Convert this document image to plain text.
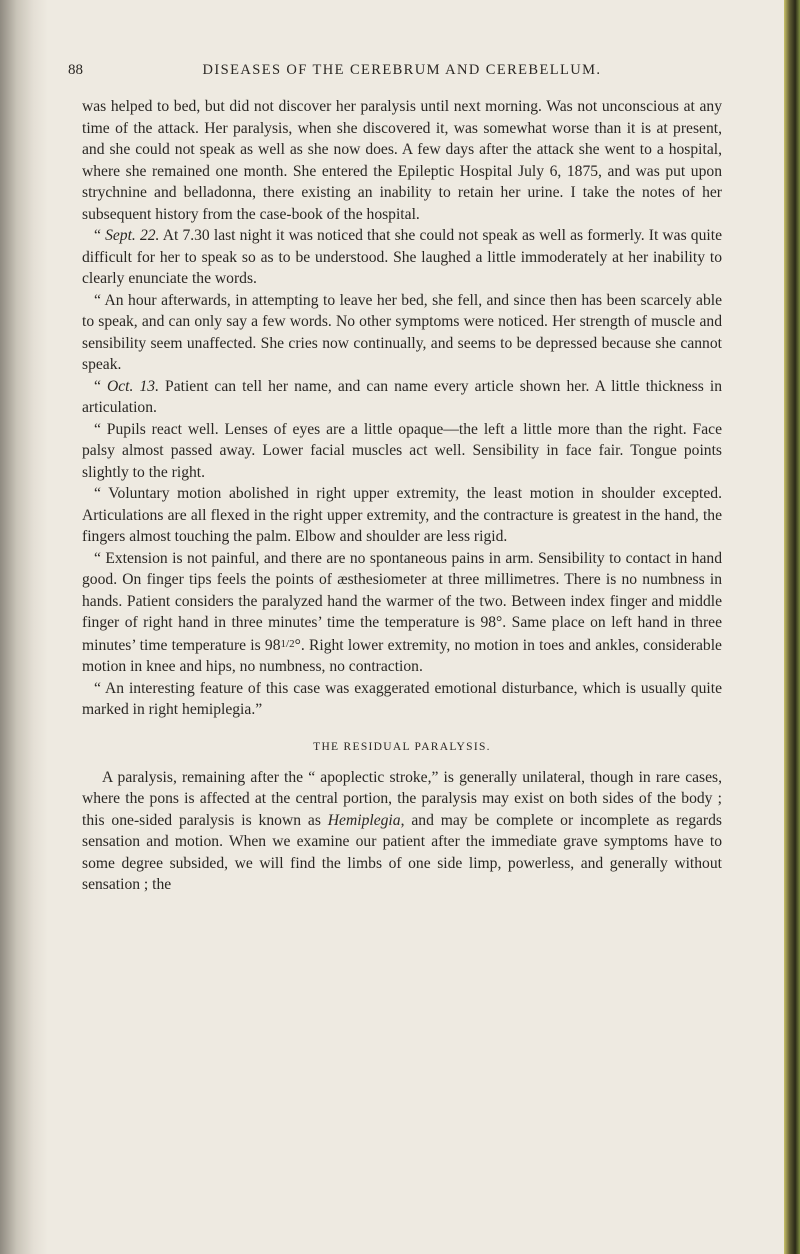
88	DISEASES OF THE CEREBRUM AND CEREBELLUM.

was helped to bed, but did not discover her paralysis until next morning. Was not unconscious at any time of the attack. Her paralysis, when she discovered it, was somewhat worse than it is at present, and she could not speak as well as she now does. A few days after the attack she went to a hospital, where she remained one month. She entered the Epileptic Hospital July 6, 1875, and was put upon strychnine and belladonna, there existing an inability to retain her urine. I take the notes of her subsequent history from the case-book of the hospital.

“ Sept. 22. At 7.30 last night it was noticed that she could not speak as well as formerly. It was quite difficult for her to speak so as to be understood. She laughed a little immoderately at her inability to clearly enunciate the words.

“ An hour afterwards, in attempting to leave her bed, she fell, and since then has been scarcely able to speak, and can only say a few words. No other symptoms were noticed. Her strength of muscle and sensibility seem unaffected. She cries now continually, and seems to be depressed because she cannot speak.

“ Oct. 13. Patient can tell her name, and can name every article shown her. A little thickness in articulation.

“ Pupils react well. Lenses of eyes are a little opaque—the left a little more than the right. Face palsy almost passed away. Lower facial muscles act well. Sensibility in face fair. Tongue points slightly to the right.

“ Voluntary motion abolished in right upper extremity, the least motion in shoulder excepted. Articulations are all flexed in the right upper extremity, and the contracture is greatest in the hand, the fingers almost touching the palm. Elbow and shoulder are less rigid.

“ Extension is not painful, and there are no spontaneous pains in arm. Sensibility to contact in hand good. On finger tips feels the points of æsthesiometer at three millimetres. There is no numbness in hands. Patient considers the paralyzed hand the warmer of the two. Between index finger and middle finger of right hand in three minutes’ time the temperature is 98°. Same place on left hand in three minutes’ time temperature is 981/2°. Right lower extremity, no motion in toes and ankles, considerable motion in knee and hips, no numbness, no contraction.

“ An interesting feature of this case was exaggerated emotional disturbance, which is usually quite marked in right hemiplegia.”

THE RESIDUAL PARALYSIS.

A paralysis, remaining after the “ apoplectic stroke,” is generally unilateral, though in rare cases, where the pons is affected at the central portion, the paralysis may exist on both sides of the body ; this one-sided paralysis is known as Hemiplegia, and may be complete or incomplete as regards sensation and motion. When we examine our patient after the immediate grave symptoms have to some degree subsided, we will find the limbs of one side limp, powerless, and generally without sensation ; the
